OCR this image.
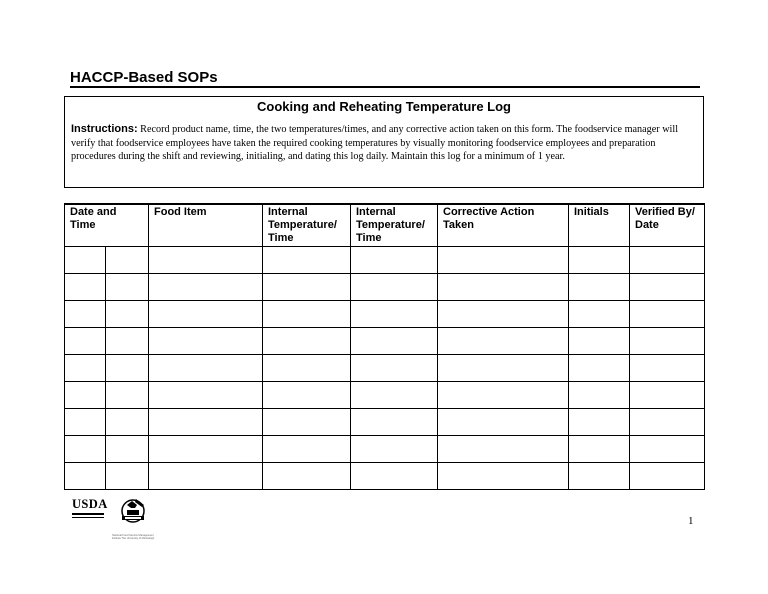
HACCP-Based SOPs
Cooking and Reheating Temperature Log
Instructions: Record product name, time, the two temperatures/times, and any corrective action taken on this form. The foodservice manager will verify that foodservice employees have taken the required cooking temperatures by visually monitoring foodservice employees and preparation procedures during the shift and reviewing, initialing, and dating this log daily. Maintain this log for a minimum of 1 year.
Date and Time		Food Item	Internal Temperature/ Time	Internal Temperature/ Time	Corrective Action Taken	Initials	Verified By/ Date

USDA
National Food Service Management Institute The University of Mississippi
1
